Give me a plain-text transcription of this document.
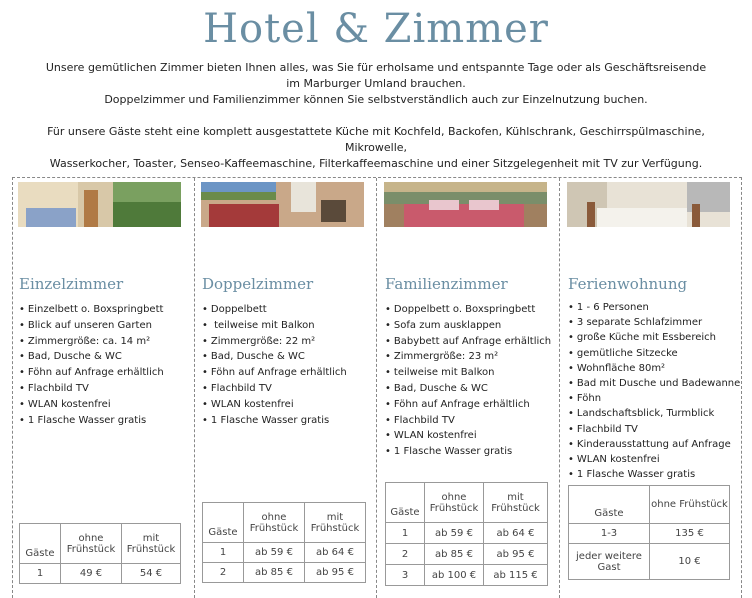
Hotel & Zimmer

Unsere gemütlichen Zimmer bieten Ihnen alles, was Sie für erholsame und entspannte Tage oder als Geschäftsreisende

im Marburger Umland brauchen.

Doppelzimmer und Familienzimmer können Sie selbstverständlich auch zur Einzelnutzung buchen.

Für unsere Gäste steht eine komplett ausgestattete Küche mit Kochfeld, Backofen, Kühlschrank, Geschirrspülmaschine, Mikrowelle,

Wasserkocher, Toaster, Senseo-Kaffeemaschine, Filterkaffeemaschine und einer Sitzgelegenheit mit TV zur Verfügung.

Einzelzimmer
• Einzelbett o. Boxspringbett
• Blick auf unseren Garten
• Zimmergröße: ca. 14 m²
• Bad, Dusche & WC
• Föhn auf Anfrage erhältlich
• Flachbild TV
• WLAN kostenfrei
• 1 Flasche Wasser gratis
Gäste	ohne Frühstück	mit Frühstück
1	49 €	54 €
Doppelzimmer
• Doppelbett
• teilweise mit Balkon
• Zimmergröße: 22 m²
• Bad, Dusche & WC
• Föhn auf Anfrage erhältlich
• Flachbild TV
• WLAN kostenfrei
• 1 Flasche Wasser gratis
Gäste	ohne Frühstück	mit Frühstück
1	ab 59 €	ab 64 €
2	ab 85 €	ab 95 €
Familienzimmer
• Doppelbett o. Boxspringbett
• Sofa zum ausklappen
• Babybett auf Anfrage erhältlich
• Zimmergröße: 23 m²
• teilweise mit Balkon
• Bad, Dusche & WC
• Föhn auf Anfrage erhältlich
• Flachbild TV
• WLAN kostenfrei
• 1 Flasche Wasser gratis
Gäste	ohne Frühstück	mit Frühstück
1	ab 59 €	ab 64 €
2	ab 85 €	ab 95 €
3	ab 100 €	ab 115 €
Ferienwohnung
• 1 - 6 Personen
• 3 separate Schlafzimmer
• große Küche mit Essbereich
• gemütliche Sitzecke
• Wohnfläche 80m²
• Bad mit Dusche und Badewanne
• Föhn
• Landschaftsblick, Turmblick
• Flachbild TV
• Kinderausstattung auf Anfrage
• WLAN kostenfrei
• 1 Flasche Wasser gratis
Gäste	ohne Frühstück
1-3	135 €
jeder weitere Gast	10 €
